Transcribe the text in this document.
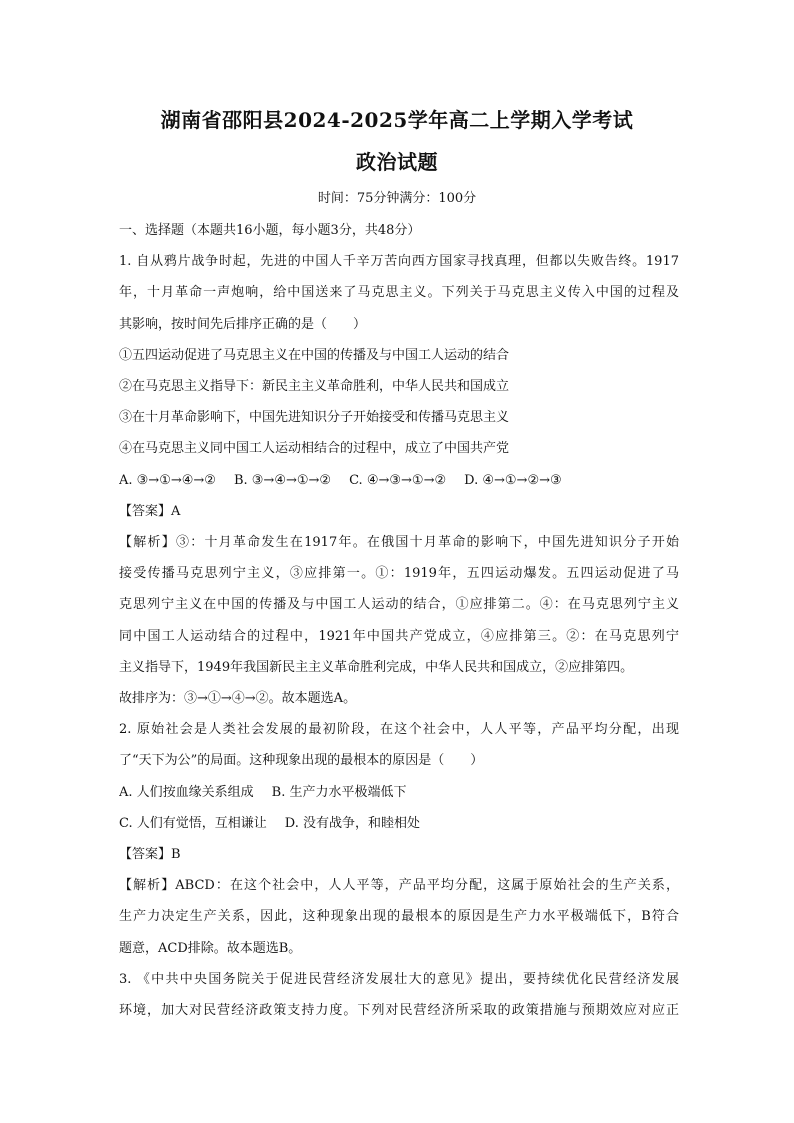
湖南省邵阳县2024-2025学年高二上学期入学考试
政治试题
时间：75分钟满分：100分
一、选择题（本题共16小题，每小题3分，共48分）
1. 自从鸦片战争时起，先进的中国人千辛万苦向西方国家寻找真理，但都以失败告终。1917
年，十月革命一声炮响，给中国送来了马克思主义。下列关于马克思主义传入中国的过程及
其影响，按时间先后排序正确的是（　　）
①五四运动促进了马克思主义在中国的传播及与中国工人运动的结合
②在马克思主义指导下：新民主主义革命胜利，中华人民共和国成立
③在十月革命影响下，中国先进知识分子开始接受和传播马克思主义
④在马克思主义同中国工人运动相结合的过程中，成立了中国共产党
A. ③→①→④→② B. ③→④→①→② C. ④→③→①→② D. ④→①→②→③
【答案】A
【解析】③：十月革命发生在1917年。在俄国十月革命的影响下，中国先进知识分子开始
接受传播马克思列宁主义，③应排第一。①：1919年，五四运动爆发。五四运动促进了马
克思列宁主义在中国的传播及与中国工人运动的结合，①应排第二。④：在马克思列宁主义
同中国工人运动结合的过程中，1921年中国共产党成立，④应排第三。②：在马克思列宁
主义指导下，1949年我国新民主主义革命胜利完成，中华人民共和国成立，②应排第四。
故排序为：③→①→④→②。故本题选A。
2. 原始社会是人类社会发展的最初阶段，在这个社会中，人人平等，产品平均分配，出现
了“天下为公”的局面。这种现象出现的最根本的原因是（　　）
A. 人们按血缘关系组成 B. 生产力水平极端低下
C. 人们有觉悟，互相谦让 D. 没有战争，和睦相处
【答案】B
【解析】ABCD：在这个社会中，人人平等，产品平均分配，这属于原始社会的生产关系，
生产力决定生产关系，因此，这种现象出现的最根本的原因是生产力水平极端低下，B符合
题意，ACD排除。故本题选B。
3. 《中共中央国务院关于促进民营经济发展壮大的意见》提出，要持续优化民营经济发展
环境，加大对民营经济政策支持力度。下列对民营经济所采取的政策措施与预期效应对应正
